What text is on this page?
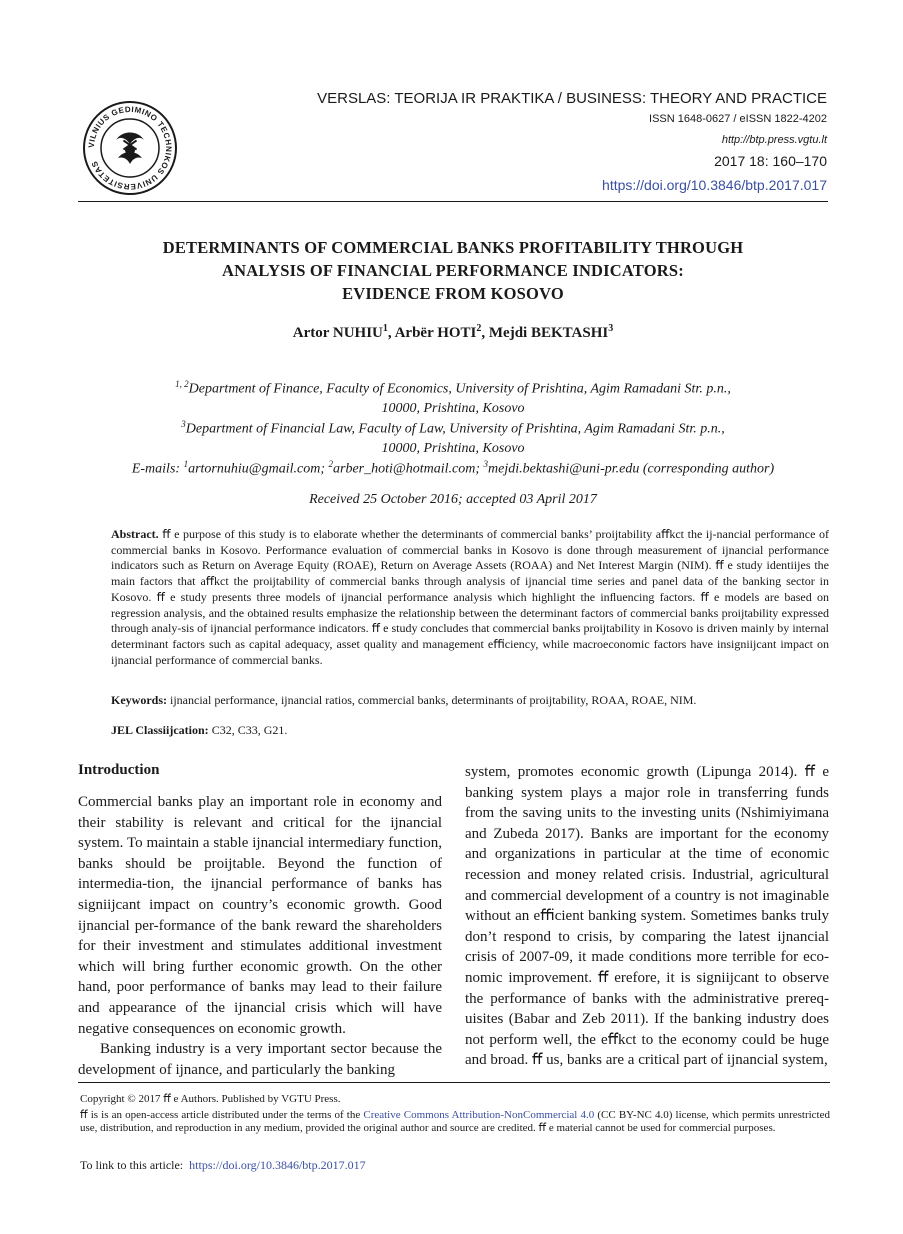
VILNIUS GEDIMINO TECHNIKOS UNIVERSITETAS
VERSLAS: TEORIJA IR PRAKTIKA / BUSINESS: THEORY AND PRACTICE
ISSN 1648-0627 / eISSN 1822-4202
http://btp.press.vgtu.lt
2017 18: 160–170
https://doi.org/10.3846/btp.2017.017
DETERMINANTS OF COMMERCIAL BANKS PROFITABILITY THROUGH
ANALYSIS OF FINANCIAL PERFORMANCE INDICATORS:
EVIDENCE FROM KOSOVO
Artor NUHIU$^1$, Arbër HOTI$^2$, Mejdi BEKTASHI$^3$
$^{1, 2}$Department of Finance, Faculty of Economics, University of Prishtina, Agim Ramadani Str. p.n.,
10000, Prishtina, Kosovo
$^3$Department of Financial Law, Faculty of Law, University of Prishtina, Agim Ramadani Str. p.n.,
10000, Prishtina, Kosovo
E-mails: $^1$artornuhiu@gmail.com; $^2$arber_hoti@hotmail.com; $^3$mejdi.bektashi@uni-pr.edu (corresponding author)
Received 25 October 2016; accepted 03 April 2017
Abstract. ﬀ e purpose of this study is to elaborate whether the determinants of commercial banks’ proijtability aﬀkct the ij-nancial performance of commercial banks in Kosovo. Performance evaluation of commercial banks in Kosovo is done through measurement of ijnancial performance indicators such as Return on Average Equity (ROAE), Return on Average Assets (ROAA) and Net Interest Margin (NIM). ﬀ e study identiijes the main factors that aﬀkct the proijtability of commercial banks through analysis of ijnancial time series and panel data of the banking sector in Kosovo. ﬀ e study presents three models of ijnancial performance analysis which highlight the inﬂuencing factors. ﬀ e models are based on regression analysis, and the obtained results emphasize the relationship between the determinant factors of commercial banks proijtability expressed through analy-sis of ijnancial performance indicators. ﬀ e study concludes that commercial banks proijtability in Kosovo is driven mainly by internal determinant factors such as capital adequacy, asset quality and management eﬃciency, while macroeconomic factors have insigniijcant impact on ijnancial performance of commercial banks.
Keywords: ijnancial performance, ijnancial ratios, commercial banks, determinants of proijtability, ROAA, ROAE, NIM.
JEL Classiijcation: C32, C33, G21.
Introduction

Commercial banks play an important role in economy and their stability is relevant and critical for the ijnancial system. To maintain a stable ijnancial intermediary function, banks should be proijtable. Beyond the function of intermedia-tion, the ijnancial performance of banks has signiijcant impact on country’s economic growth. Good ijnancial per-formance of the bank reward the shareholders for their investment and stimulates additional investment which will bring further economic growth. On the other hand, poor performance of banks may lead to their failure and appearance of the ijnancial crisis which will have negative consequences on economic growth.

Banking industry is a very important sector because the development of ijnance, and particularly the banking

system, promotes economic growth (Lipunga 2014). ﬀ e banking system plays a major role in transferring funds from the saving units to the investing units (Nshimiyimana and Zubeda 2017). Banks are important for the economy and organizations in particular at the time of economic recession and money related crisis. Industrial, agricultural and commercial development of a country is not imaginable without an eﬃcient banking system. Sometimes banks truly don’t respond to crisis, by comparing the latest ijnancial crisis of 2007-09, it made conditions more terrible for eco-nomic improvement. ﬀ erefore, it is signiijcant to observe the performance of banks with the administrative prereq-uisites (Babar and Zeb 2011). If the banking industry does not perform well, the eﬀkct to the economy could be huge and broad. ﬀ us, banks are a critical part of ijnancial system,

Copyright © 2017 ﬀ e Authors. Published by VGTU Press.
ﬀ is is an open-access article distributed under the terms of the Creative Commons Attribution-NonCommercial 4.0 (CC BY-NC 4.0) license, which permits unrestricted use, distribution, and reproduction in any medium, provided the original author and source are credited. ﬀ e material cannot be used for commercial purposes.
To link to this article: https://doi.org/10.3846/btp.2017.017
